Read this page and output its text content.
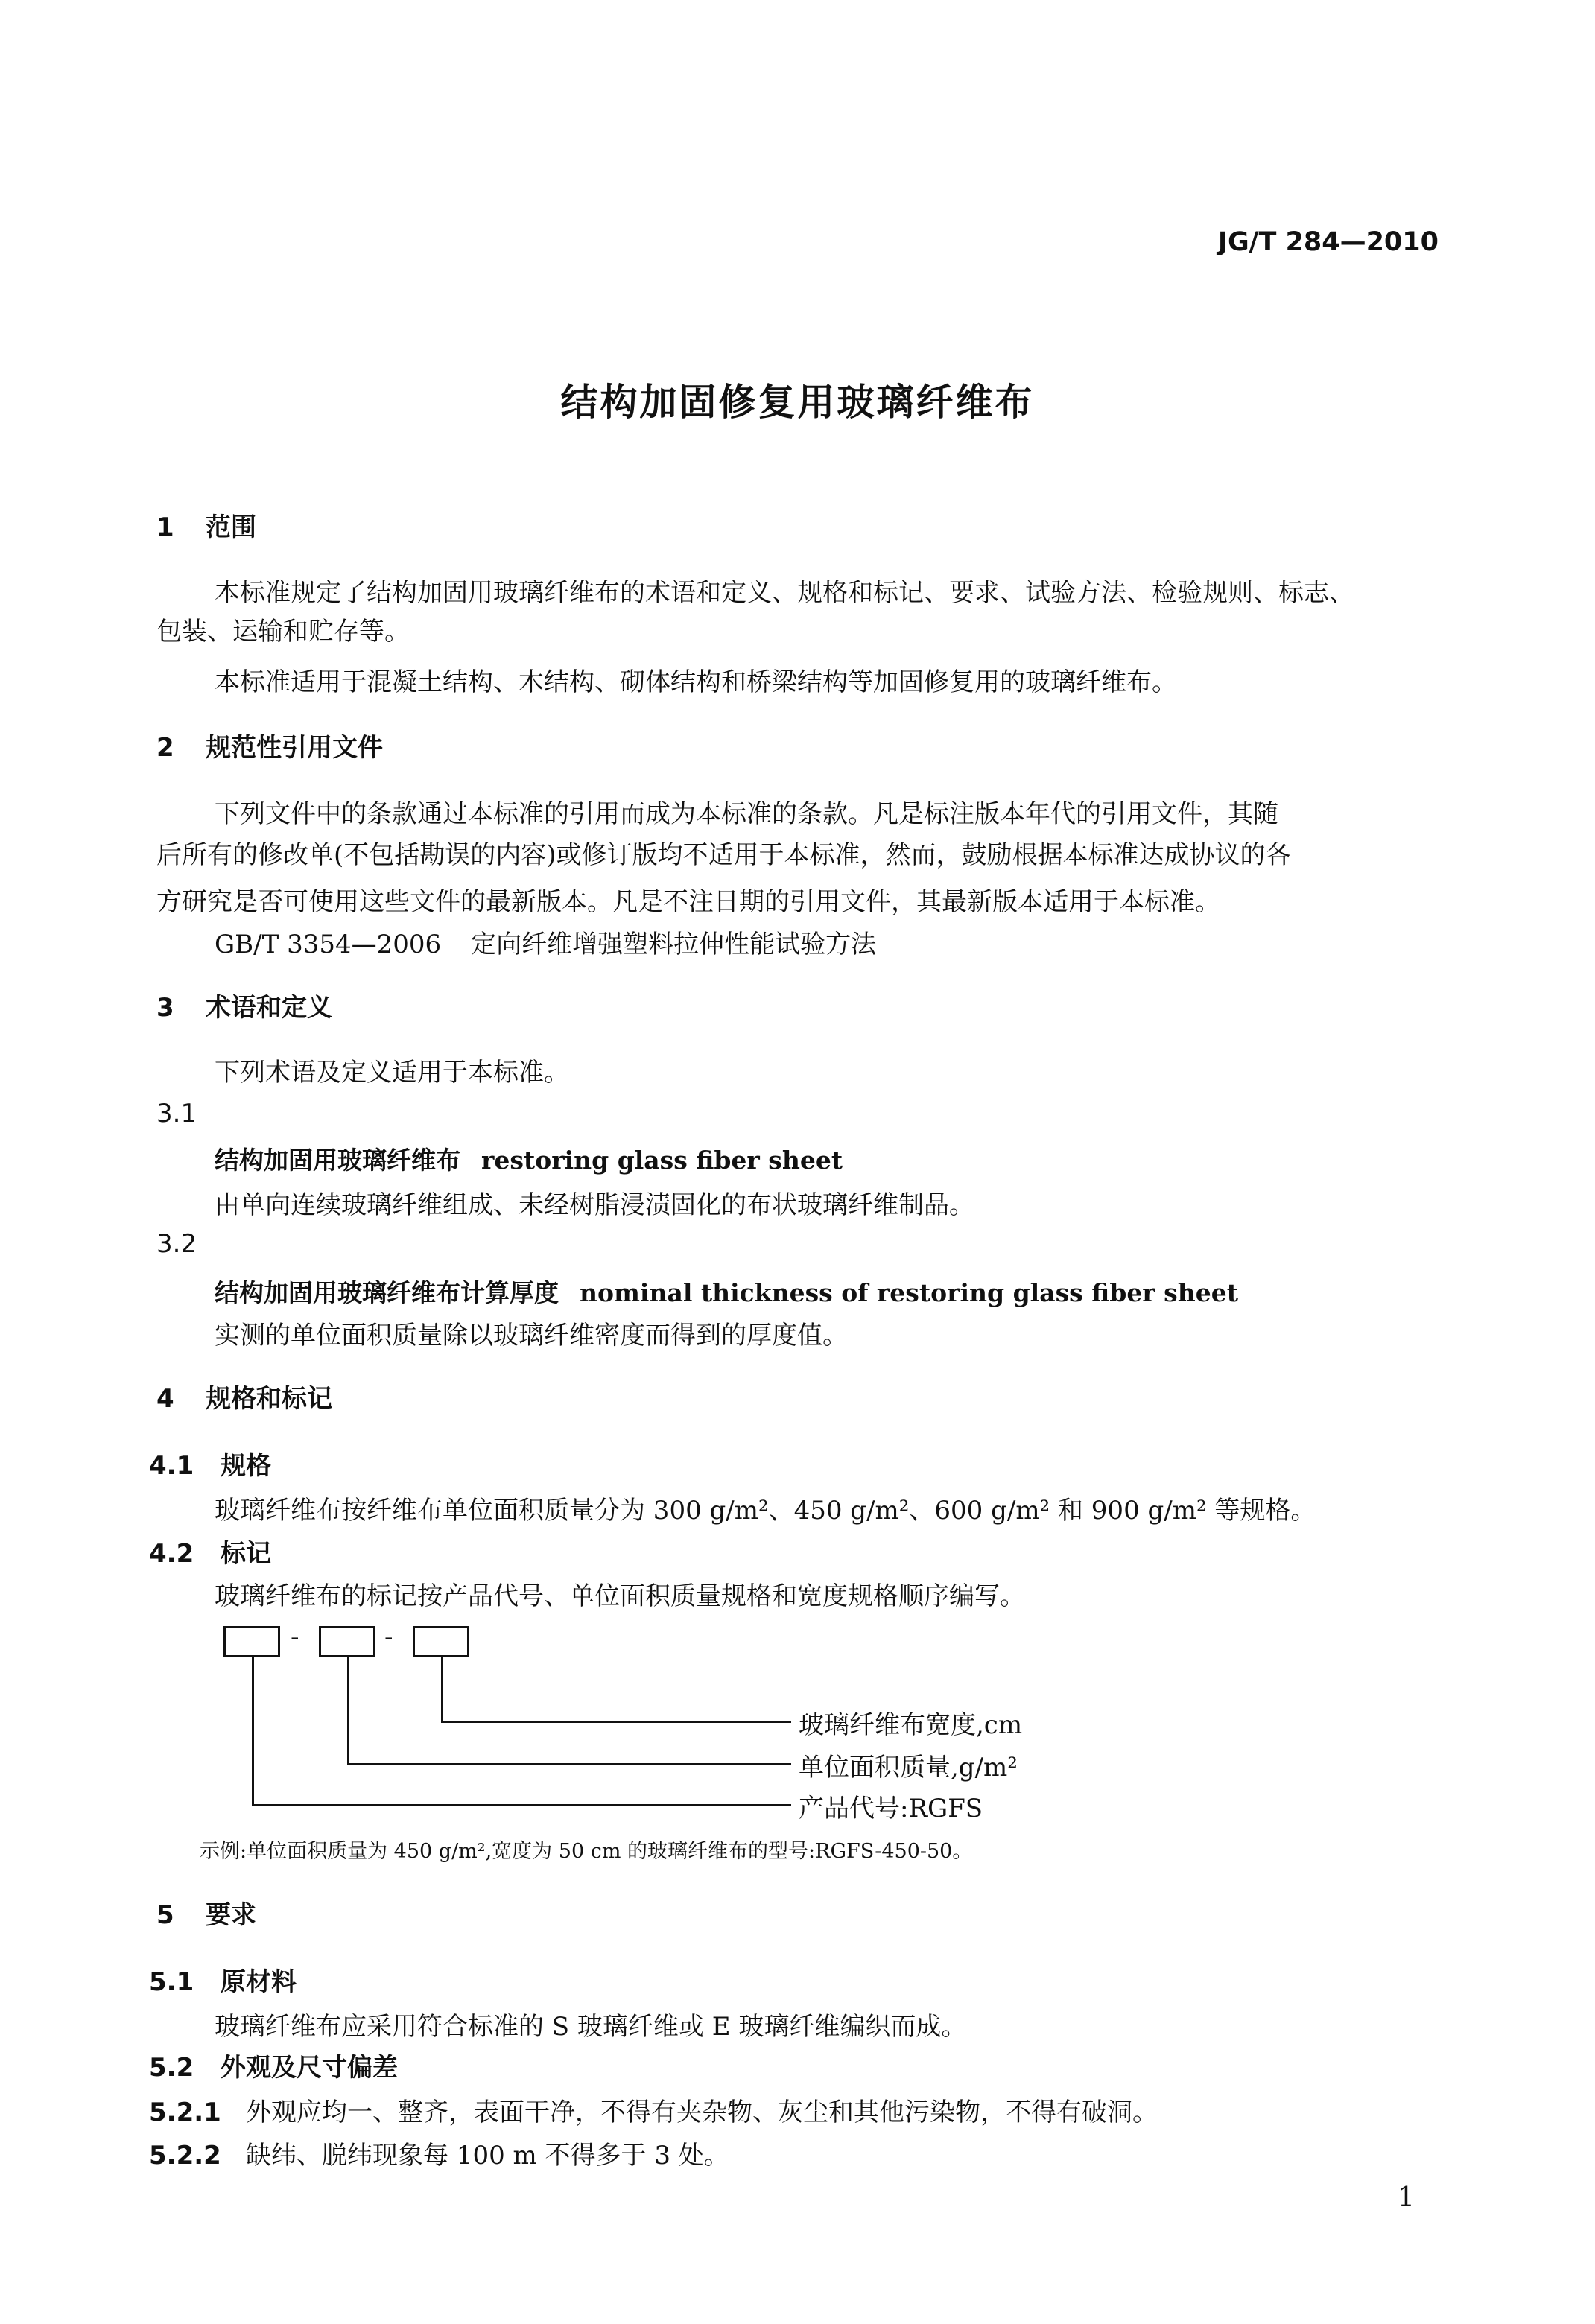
JG/T 284—2010
结构加固修复用玻璃纤维布
1 范围
本标准规定了结构加固用玻璃纤维布的术语和定义、规格和标记、要求、试验方法、检验规则、标志、
包装、运输和贮存等。
本标准适用于混凝土结构、木结构、砌体结构和桥梁结构等加固修复用的玻璃纤维布。
2 规范性引用文件
下列文件中的条款通过本标准的引用而成为本标准的条款。凡是标注版本年代的引用文件，其随
后所有的修改单(不包括勘误的内容)或修订版均不适用于本标准，然而，鼓励根据本标准达成协议的各
方研究是否可使用这些文件的最新版本。凡是不注日期的引用文件，其最新版本适用于本标准。
GB/T 3354—2006 定向纤维增强塑料拉伸性能试验方法
3 术语和定义
下列术语及定义适用于本标准。
3.1
结构加固用玻璃纤维布 restoring glass fiber sheet
由单向连续玻璃纤维组成、未经树脂浸渍固化的布状玻璃纤维制品。
3.2
结构加固用玻璃纤维布计算厚度 nominal thickness of restoring glass fiber sheet
实测的单位面积质量除以玻璃纤维密度而得到的厚度值。
4 规格和标记
4.1 规格
玻璃纤维布按纤维布单位面积质量分为 300 g/m²、450 g/m²、600 g/m² 和 900 g/m² 等规格。
4.2 标记
玻璃纤维布的标记按产品代号、单位面积质量规格和宽度规格顺序编写。
-	-
玻璃纤维布宽度,cm
单位面积质量,g/m²
产品代号:RGFS
示例:单位面积质量为 450 g/m²,宽度为 50 cm 的玻璃纤维布的型号:RGFS-450-50。
5 要求
5.1 原材料
玻璃纤维布应采用符合标准的 S 玻璃纤维或 E 玻璃纤维编织而成。
5.2 外观及尺寸偏差
5.2.1 外观应均一、整齐，表面干净，不得有夹杂物、灰尘和其他污染物，不得有破洞。
5.2.2 缺纬、脱纬现象每 100 m 不得多于 3 处。
1
